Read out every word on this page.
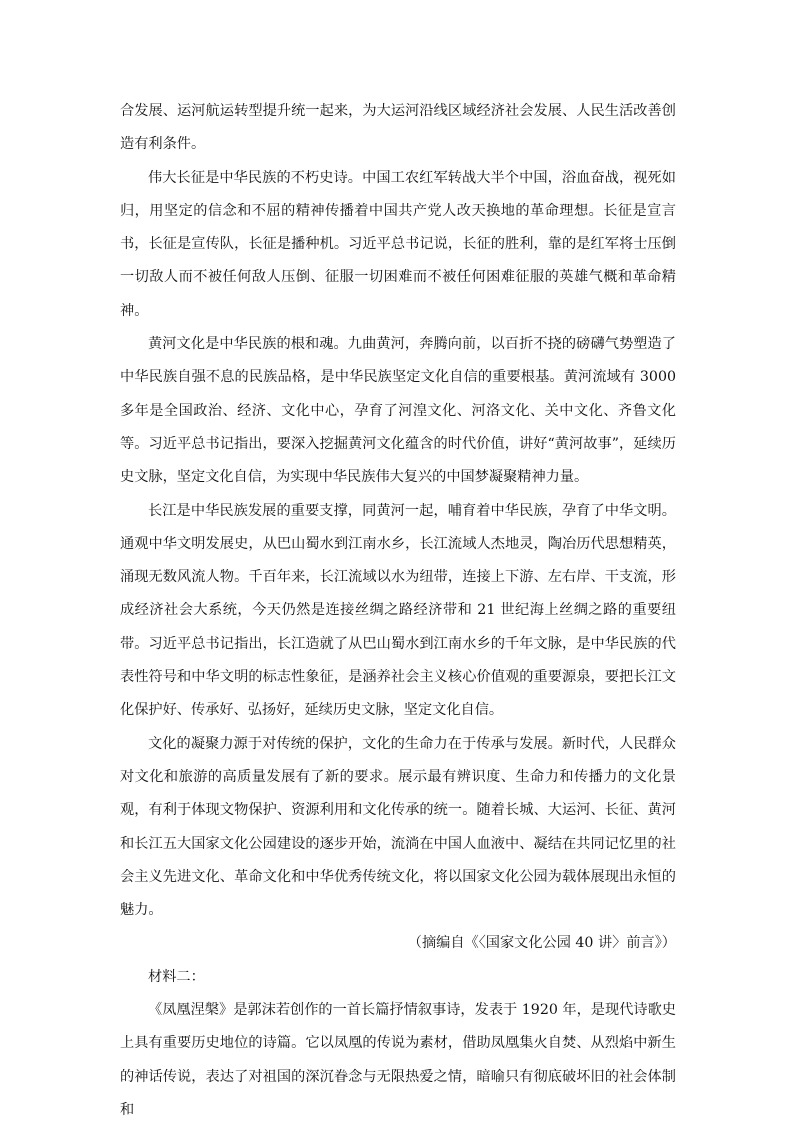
合发展、运河航运转型提升统一起来，为大运河沿线区域经济社会发展、人民生活改善创造有利条件。

伟大长征是中华民族的不朽史诗。中国工农红军转战大半个中国，浴血奋战，视死如归，用坚定的信念和不屈的精神传播着中国共产党人改天换地的革命理想。长征是宣言书，长征是宣传队，长征是播种机。习近平总书记说，长征的胜利，靠的是红军将士压倒一切敌人而不被任何敌人压倒、征服一切困难而不被任何困难征服的英雄气概和革命精神。

黄河文化是中华民族的根和魂。九曲黄河，奔腾向前，以百折不挠的磅礴气势塑造了中华民族自强不息的民族品格，是中华民族坚定文化自信的重要根基。黄河流域有 3000 多年是全国政治、经济、文化中心，孕育了河湟文化、河洛文化、关中文化、齐鲁文化等。习近平总书记指出，要深入挖掘黄河文化蕴含的时代价值，讲好“黄河故事”，延续历史文脉，坚定文化自信，为实现中华民族伟大复兴的中国梦凝聚精神力量。

长江是中华民族发展的重要支撑，同黄河一起，哺育着中华民族，孕育了中华文明。通观中华文明发展史，从巴山蜀水到江南水乡，长江流域人杰地灵，陶冶历代思想精英，涌现无数风流人物。千百年来，长江流域以水为纽带，连接上下游、左右岸、干支流，形成经济社会大系统，今天仍然是连接丝绸之路经济带和 21 世纪海上丝绸之路的重要纽带。习近平总书记指出，长江造就了从巴山蜀水到江南水乡的千年文脉，是中华民族的代表性符号和中华文明的标志性象征，是涵养社会主义核心价值观的重要源泉，要把长江文化保护好、传承好、弘扬好，延续历史文脉，坚定文化自信。

文化的凝聚力源于对传统的保护，文化的生命力在于传承与发展。新时代，人民群众对文化和旅游的高质量发展有了新的要求。展示最有辨识度、生命力和传播力的文化景观，有利于体现文物保护、资源利用和文化传承的统一。随着长城、大运河、长征、黄河和长江五大国家文化公园建设的逐步开始，流淌在中国人血液中、凝结在共同记忆里的社会主义先进文化、革命文化和中华优秀传统文化，将以国家文化公园为载体展现出永恒的魅力。

（摘编自《〈国家文化公园 40 讲〉前言》）

材料二：

《凤凰涅槃》是郭沫若创作的一首长篇抒情叙事诗，发表于 1920 年，是现代诗歌史上具有重要历史地位的诗篇。它以凤凰的传说为素材，借助凤凰集火自焚、从烈焰中新生的神话传说，表达了对祖国的深沉眷念与无限热爱之情，暗喻只有彻底破坏旧的社会体制和
